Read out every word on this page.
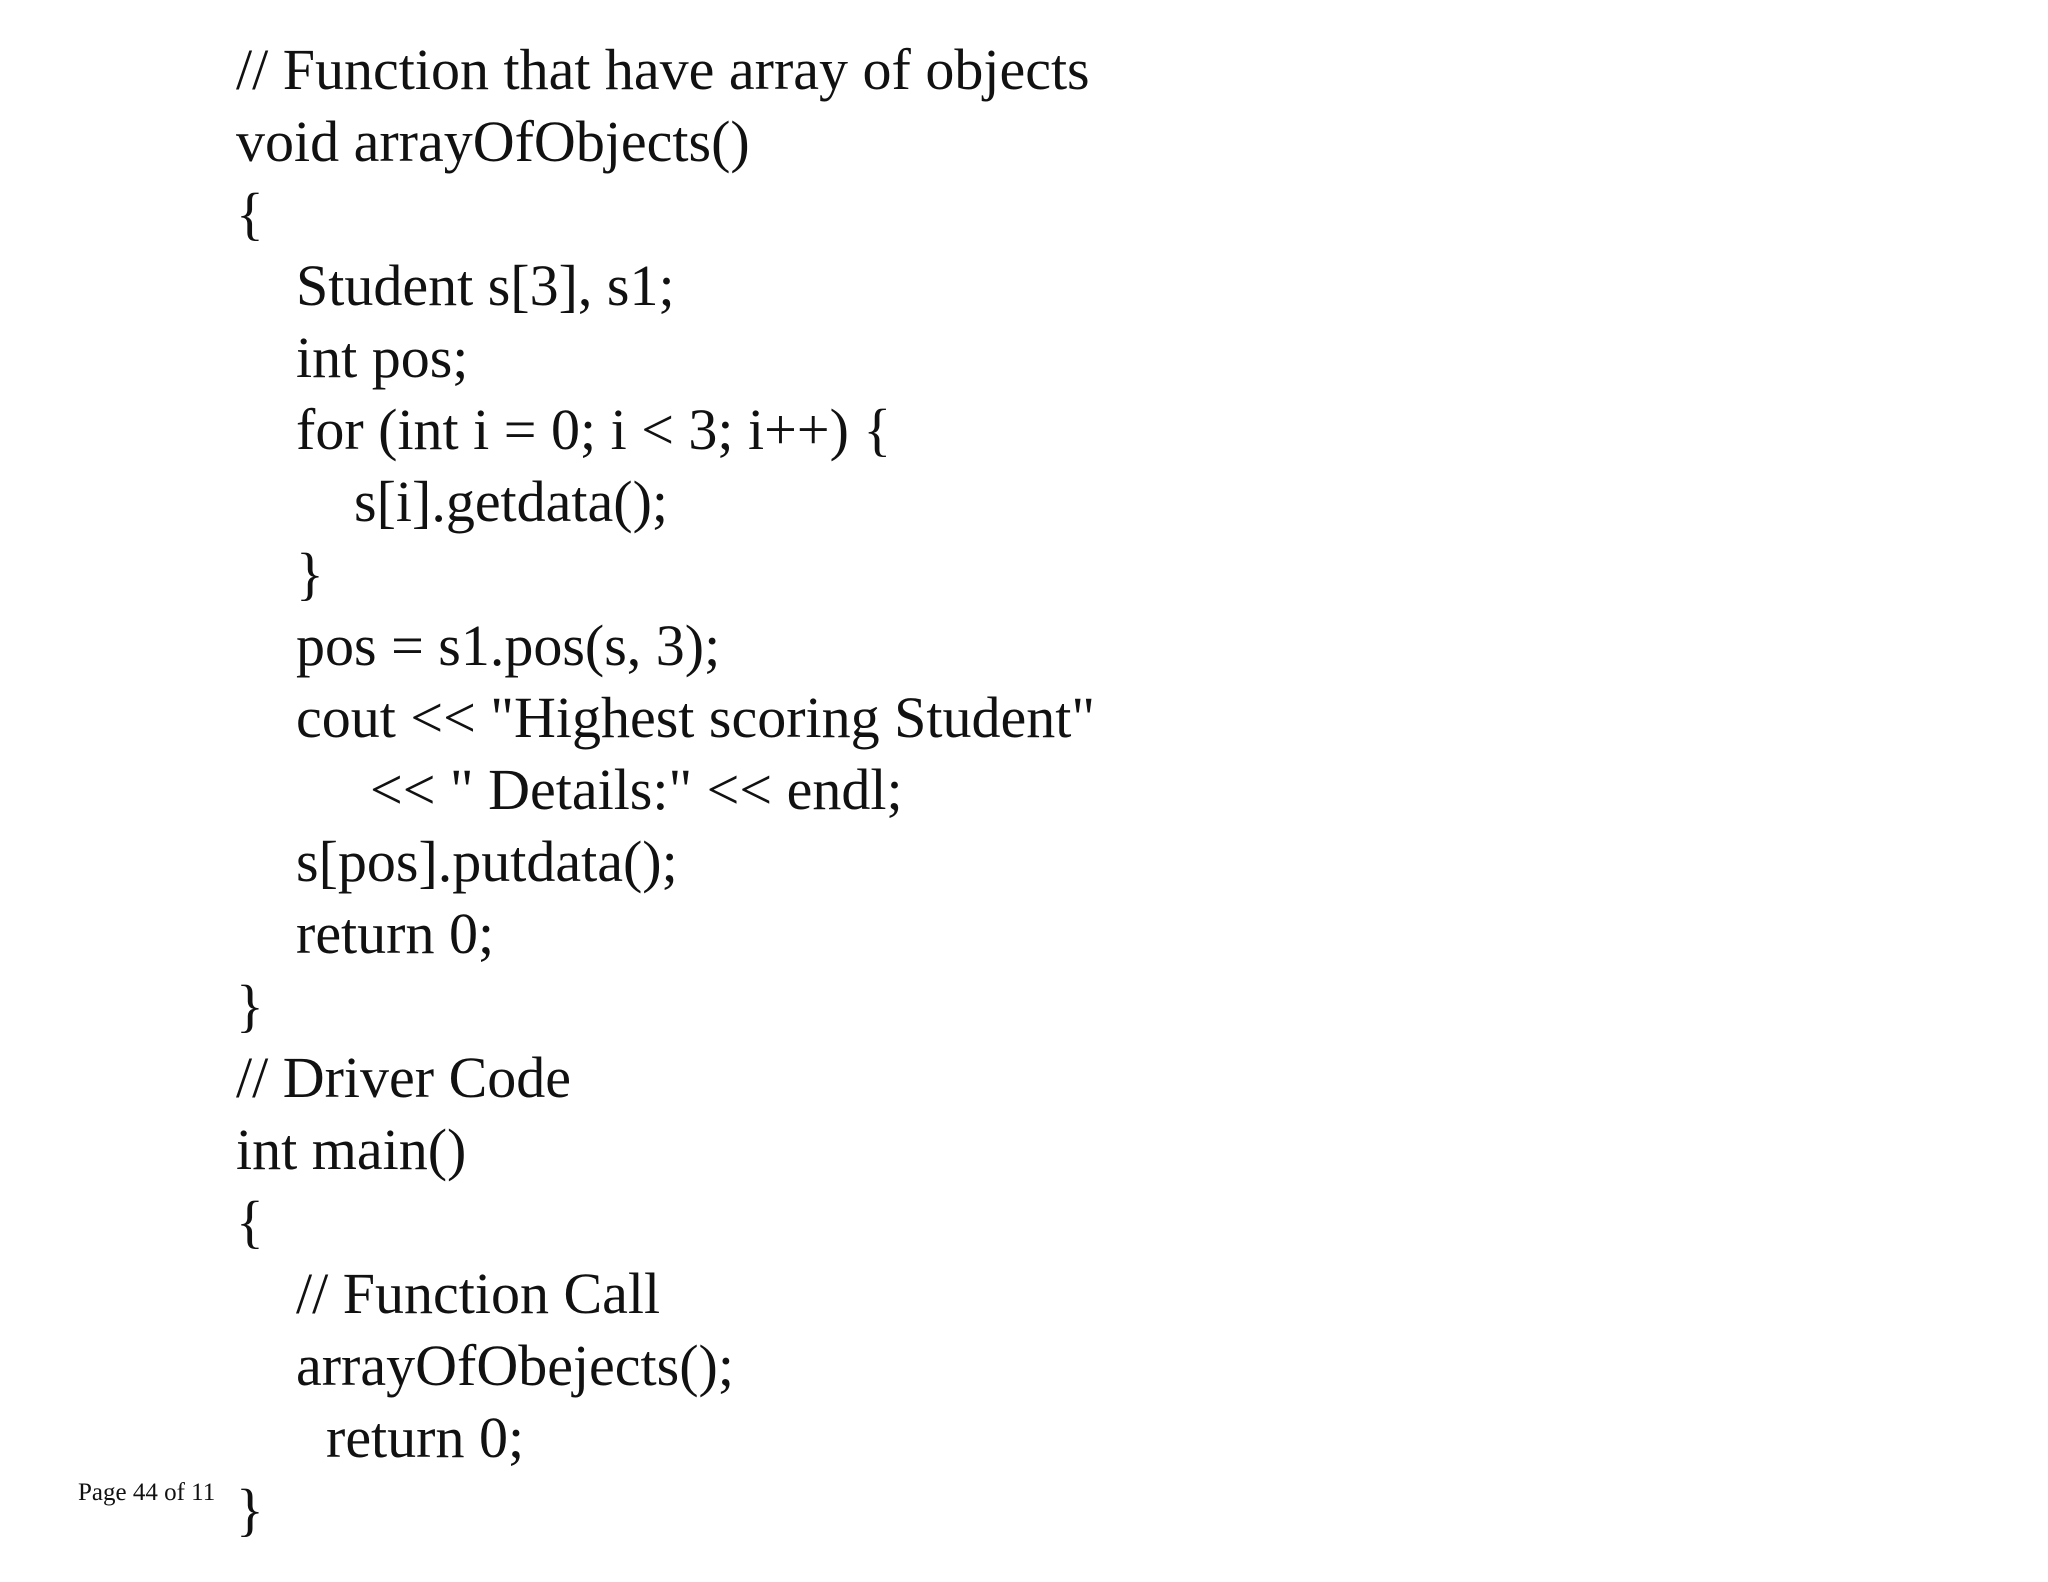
// Function that have array of objects
void arrayOfObjects()
{
Student s[3], s1;
int pos;
for (int i = 0; i < 3; i++) {
s[i].getdata();
}
pos = s1.pos(s, 3);
cout << "Highest scoring Student"
<< " Details:" << endl;
s[pos].putdata();
return 0;
}
// Driver Code
int main()
{
// Function Call
arrayOfObejects();
return 0;
}
Page 44 of 11
